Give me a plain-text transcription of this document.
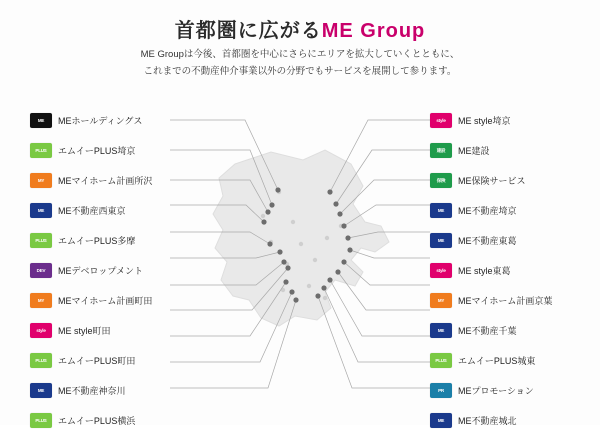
首都圏に広がるME Group
ME Groupは今後、首都圏を中心にさらにエリアを拡大していくとともに、
これまでの不動産仲介事業以外の分野でもサービスを展開して参ります。
ME	MEホールディングス
PLUS	エムイーPLUS埼京
MY	MEマイホーム計画所沢
ME	ME不動産西東京
PLUS	エムイーPLUS多摩
DEV	MEデベロップメント
MY	MEマイホーム計画町田
style	ME style町田
PLUS	エムイーPLUS町田
ME	ME不動産神奈川
PLUS	エムイーPLUS横浜
style	ME style埼京
建設	ME建設
保険	ME保険サービス
ME	ME不動産埼京
ME	ME不動産東葛
style	ME style東葛
MY	MEマイホーム計画京葉
ME	ME不動産千葉
PLUS	エムイーPLUS城東
PR	MEプロモーション
ME	ME不動産城北
